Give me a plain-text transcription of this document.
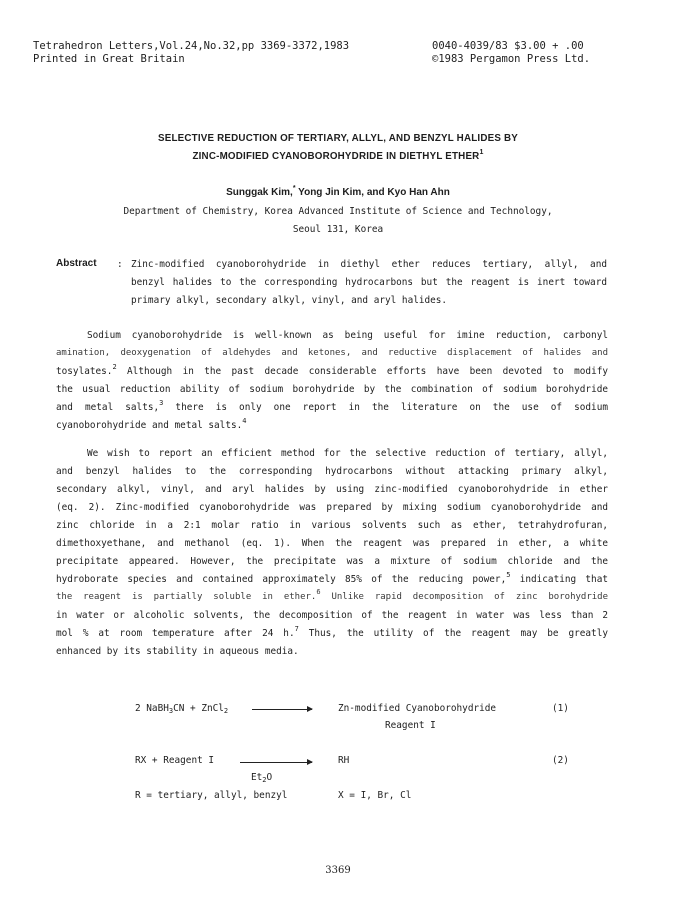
Tetrahedron Letters,Vol.24,No.32,pp 3369-3372,1983	0040-4039/83 $3.00 + .00
Printed in Great Britain	©1983 Pergamon Press Ltd.
SELECTIVE REDUCTION OF TERTIARY, ALLYL, AND BENZYL HALIDES BY
ZINC-MODIFIED CYANOBOROHYDRIDE IN DIETHYL ETHER$^1$
Sunggak Kim,* Yong Jin Kim, and Kyo Han Ahn
Department of Chemistry, Korea Advanced Institute of Science and Technology,
Seoul 131, Korea
Abstract : Zinc-modified cyanoborohydride in diethyl ether reduces tertiary, allyl, and
benzyl halides to the corresponding hydrocarbons but the reagent is inert toward
primary alkyl, secondary alkyl, vinyl, and aryl halides.
Sodium cyanoborohydride is well-known as being useful for imine reduction, carbonyl
amination, deoxygenation of aldehydes and ketones, and reductive displacement of halides and
tosylates.$^2$ Although in the past decade considerable efforts have been devoted to modify
the usual reduction ability of sodium borohydride by the combination of sodium borohydride
and metal salts,$^3$ there is only one report in the literature on the use of sodium
cyanoborohydride and metal salts.$^4$
We wish to report an efficient method for the selective reduction of tertiary, allyl,
and benzyl halides to the corresponding hydrocarbons without attacking primary alkyl,
secondary alkyl, vinyl, and aryl halides by using zinc-modified cyanoborohydride in ether
(eq. 2). Zinc-modified cyanoborohydride was prepared by mixing sodium cyanoborohydride and
zinc chloride in a 2:1 molar ratio in various solvents such as ether, tetrahydrofuran,
dimethoxyethane, and methanol (eq. 1). When the reagent was prepared in ether, a white
precipitate appeared. However, the precipitate was a mixture of sodium chloride and the
hydroborate species and contained approximately 85% of the reducing power,$^5$ indicating that
the reagent is partially soluble in ether.$^6$ Unlike rapid decomposition of zinc borohydride
in water or alcoholic solvents, the decomposition of the reagent in water was less than 2
mol % at room temperature after 24 h.$^7$ Thus, the utility of the reagent may be greatly
enhanced by its stability in aqueous media.
2 NaBH$_3$CN + ZnCl$_2$	Zn-modified Cyanoborohydride
Reagent I
(1)
RX + Reagent I
$Et_2O$
RH	(2)
R = tertiary, allyl, benzyl	X = I, Br, Cl
3369
